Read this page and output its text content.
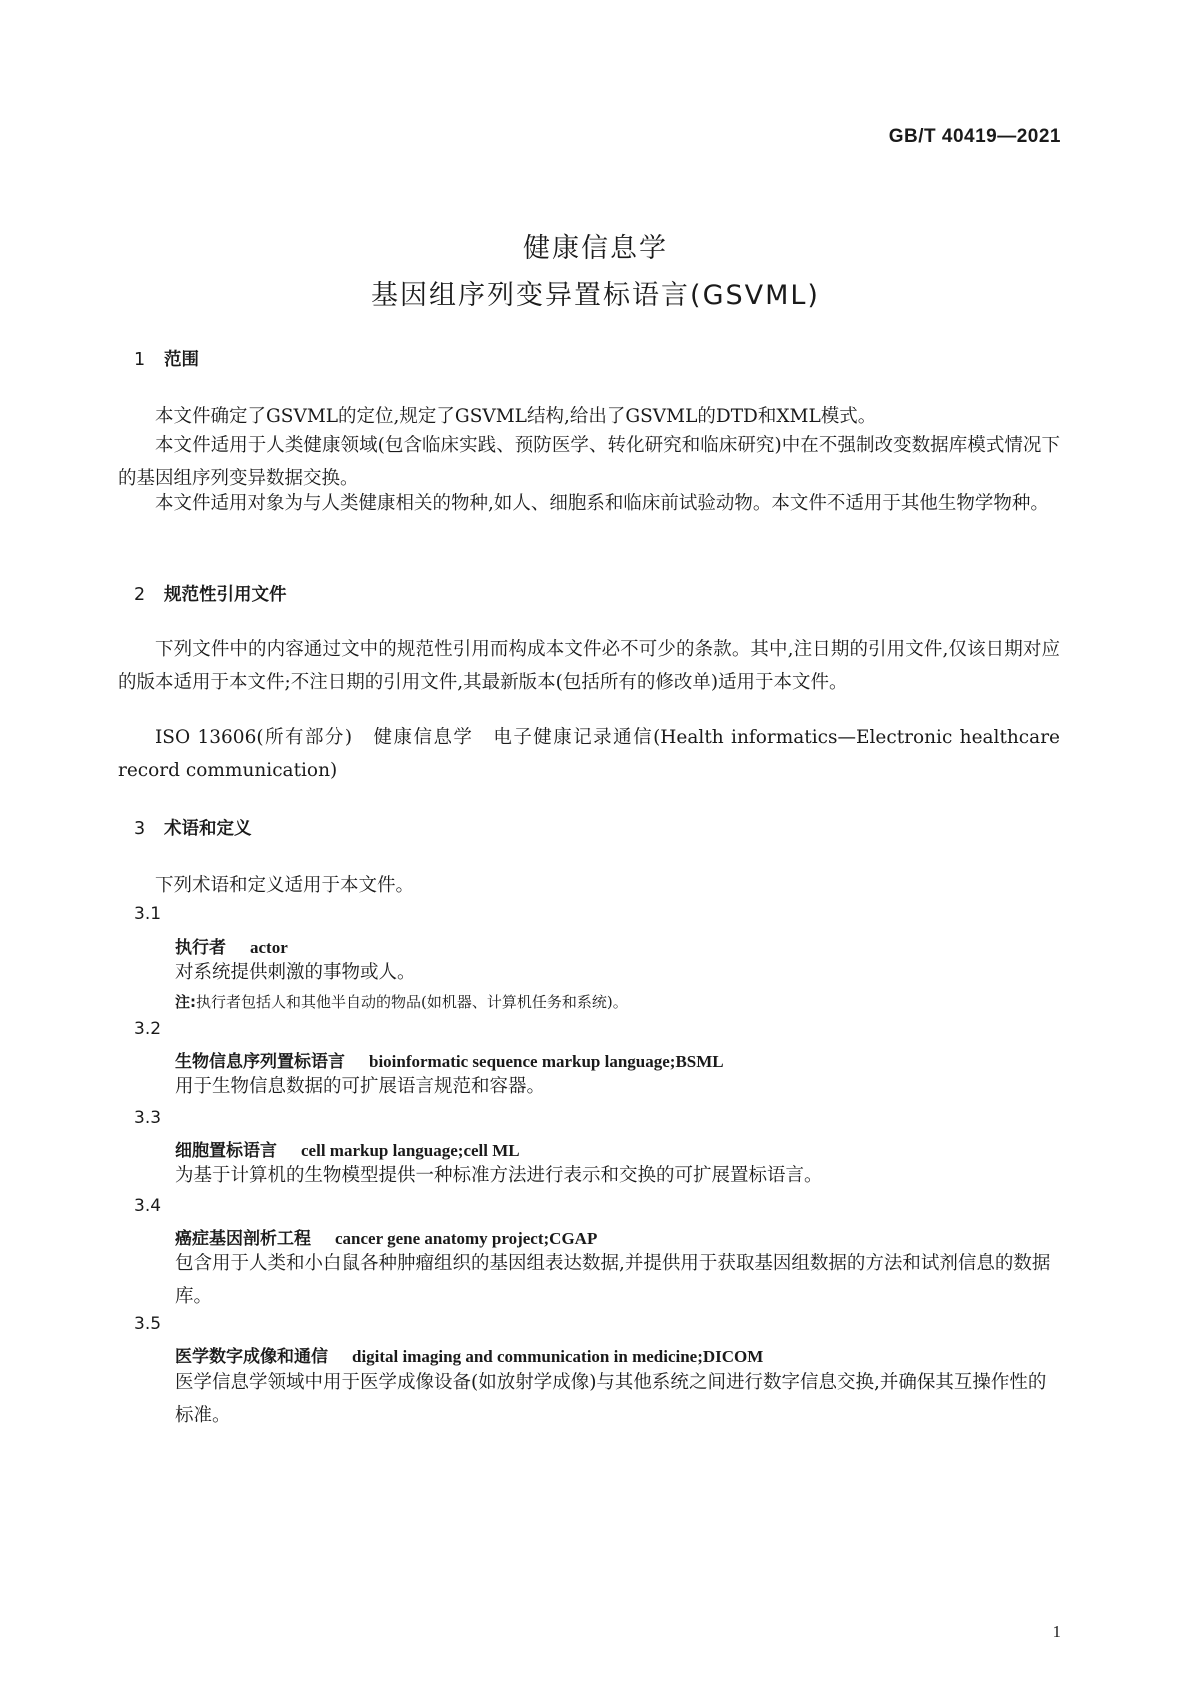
GB/T 40419—2021
健康信息学
基因组序列变异置标语言(GSVML)
1 范围
本文件确定了GSVML的定位,规定了GSVML结构,给出了GSVML的DTD和XML模式。
本文件适用于人类健康领域(包含临床实践、预防医学、转化研究和临床研究)中在不强制改变数据库模式情况下的基因组序列变异数据交换。
本文件适用对象为与人类健康相关的物种,如人、细胞系和临床前试验动物。本文件不适用于其他生物学物种。
2 规范性引用文件
下列文件中的内容通过文中的规范性引用而构成本文件必不可少的条款。其中,注日期的引用文件,仅该日期对应的版本适用于本文件;不注日期的引用文件,其最新版本(包括所有的修改单)适用于本文件。
ISO 13606(所有部分)　健康信息学　电子健康记录通信(Health informatics—Electronic healthcare record communication)
3 术语和定义
下列术语和定义适用于本文件。
3.1
执行者 actor
对系统提供刺激的事物或人。
注:执行者包括人和其他半自动的物品(如机器、计算机任务和系统)。
3.2
生物信息序列置标语言 bioinformatic sequence markup language;BSML
用于生物信息数据的可扩展语言规范和容器。
3.3
细胞置标语言 cell markup language;cell ML
为基于计算机的生物模型提供一种标准方法进行表示和交换的可扩展置标语言。
3.4
癌症基因剖析工程 cancer gene anatomy project;CGAP
包含用于人类和小白鼠各种肿瘤组织的基因组表达数据,并提供用于获取基因组数据的方法和试剂信息的数据库。
3.5
医学数字成像和通信 digital imaging and communication in medicine;DICOM
医学信息学领域中用于医学成像设备(如放射学成像)与其他系统之间进行数字信息交换,并确保其互操作性的标准。
1
